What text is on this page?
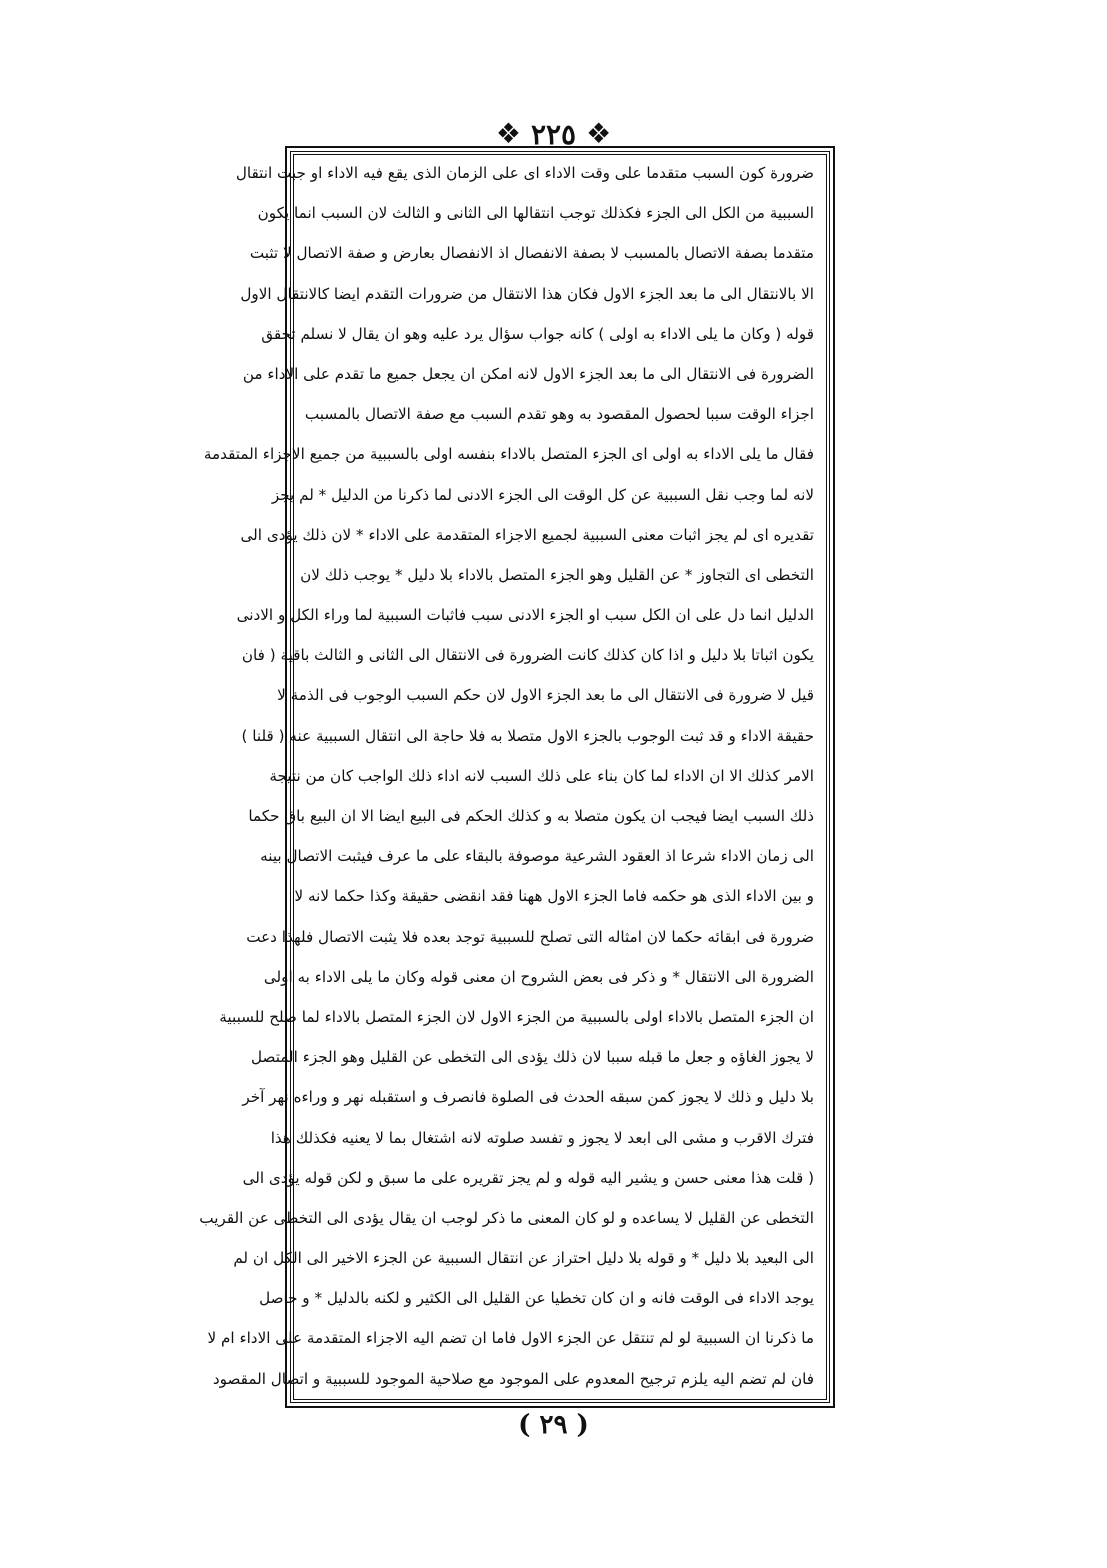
❖ ٢٢٥ ❖
ضرورة كون السبب متقدما على وقت الاداء اى على الزمان الذى يقع فيه الاداء او جبت انتقال
السببية من الكل الى الجزء فكذلك توجب انتقالها الى الثانى و الثالث لان السبب انما يكون
متقدما بصفة الاتصال بالمسبب لا بصفة الانفصال اذ الانفصال بعارض و صفة الاتصال لا تثبت
الا بالانتقال الى ما بعد الجزء الاول فكان هذا الانتقال من ضرورات التقدم ايضا كالانتقال الاول
قوله ( وكان ما يلى الاداء به اولى ) كانه جواب سؤال يرد عليه وهو ان يقال لا نسلم تحقق
الضرورة فى الانتقال الى ما بعد الجزء الاول لانه امكن ان يجعل جميع ما تقدم على الاداء من
اجزاء الوقت سببا لحصول المقصود به وهو تقدم السبب مع صفة الاتصال بالمسبب
فقال ما يلى الاداء به اولى اى الجزء المتصل بالاداء بنفسه اولى بالسببية من جميع الاجزاء المتقدمة
لانه لما وجب نقل السببية عن كل الوقت الى الجزء الادنى لما ذكرنا من الدليل * لم يجز
تقديره اى لم يجز اثبات معنى السببية لجميع الاجزاء المتقدمة على الاداء * لان ذلك يؤدى الى
التخطى اى التجاوز * عن القليل وهو الجزء المتصل بالاداء بلا دليل * يوجب ذلك لان
الدليل انما دل على ان الكل سبب او الجزء الادنى سبب فاثبات السببية لما وراء الكل و الادنى
يكون اثباتا بلا دليل و اذا كان كذلك كانت الضرورة فى الانتقال الى الثانى و الثالث باقية ( فان
قيل لا ضرورة فى الانتقال الى ما بعد الجزء الاول لان حكم السبب الوجوب فى الذمة لا
حقيقة الاداء و قد ثبت الوجوب بالجزء الاول متصلا به فلا حاجة الى انتقال السببية عنه ( قلنا )
الامر كذلك الا ان الاداء لما كان بناء على ذلك السبب لانه اداء ذلك الواجب كان من نتيجة
ذلك السبب ايضا فيجب ان يكون متصلا به و كذلك الحكم فى البيع ايضا الا ان البيع باق حكما
الى زمان الاداء شرعا اذ العقود الشرعية موصوفة بالبقاء على ما عرف فيثبت الاتصال بينه
و بين الاداء الذى هو حكمه فاما الجزء الاول ههنا فقد انقضى حقيقة وكذا حكما لانه لا
ضرورة فى ابقائه حكما لان امثاله التى تصلح للسببية توجد بعده فلا يثبت الاتصال فلهذا دعت
الضرورة الى الانتقال * و ذكر فى بعض الشروح ان معنى قوله وكان ما يلى الاداء به اولى
ان الجزء المتصل بالاداء اولى بالسببية من الجزء الاول لان الجزء المتصل بالاداء لما صلح للسببية
لا يجوز الغاؤه و جعل ما قبله سببا لان ذلك يؤدى الى التخطى عن القليل وهو الجزء المتصل
بلا دليل و ذلك لا يجوز كمن سبقه الحدث فى الصلوة فانصرف و استقبله نهر و وراءه نهر آخر
فترك الاقرب و مشى الى ابعد لا يجوز و تفسد صلوته لانه اشتغال بما لا يعنيه فكذلك هذا
( قلت هذا معنى حسن و يشير اليه قوله و لم يجز تقريره على ما سبق و لكن قوله يؤدى الى
التخطى عن القليل لا يساعده و لو كان المعنى ما ذكر لوجب ان يقال يؤدى الى التخطى عن القريب
الى البعيد بلا دليل * و قوله بلا دليل احتراز عن انتقال السببية عن الجزء الاخير الى الكل ان لم
يوجد الاداء فى الوقت فانه و ان كان تخطيا عن القليل الى الكثير و لكنه بالدليل * و حاصل
ما ذكرنا ان السببية لو لم تنتقل عن الجزء الاول فاما ان تضم اليه الاجزاء المتقدمة على الاداء ام لا
فان لم تضم اليه يلزم ترجيح المعدوم على الموجود مع صلاحية الموجود للسببية و اتصال المقصود
( ٢٩ )
